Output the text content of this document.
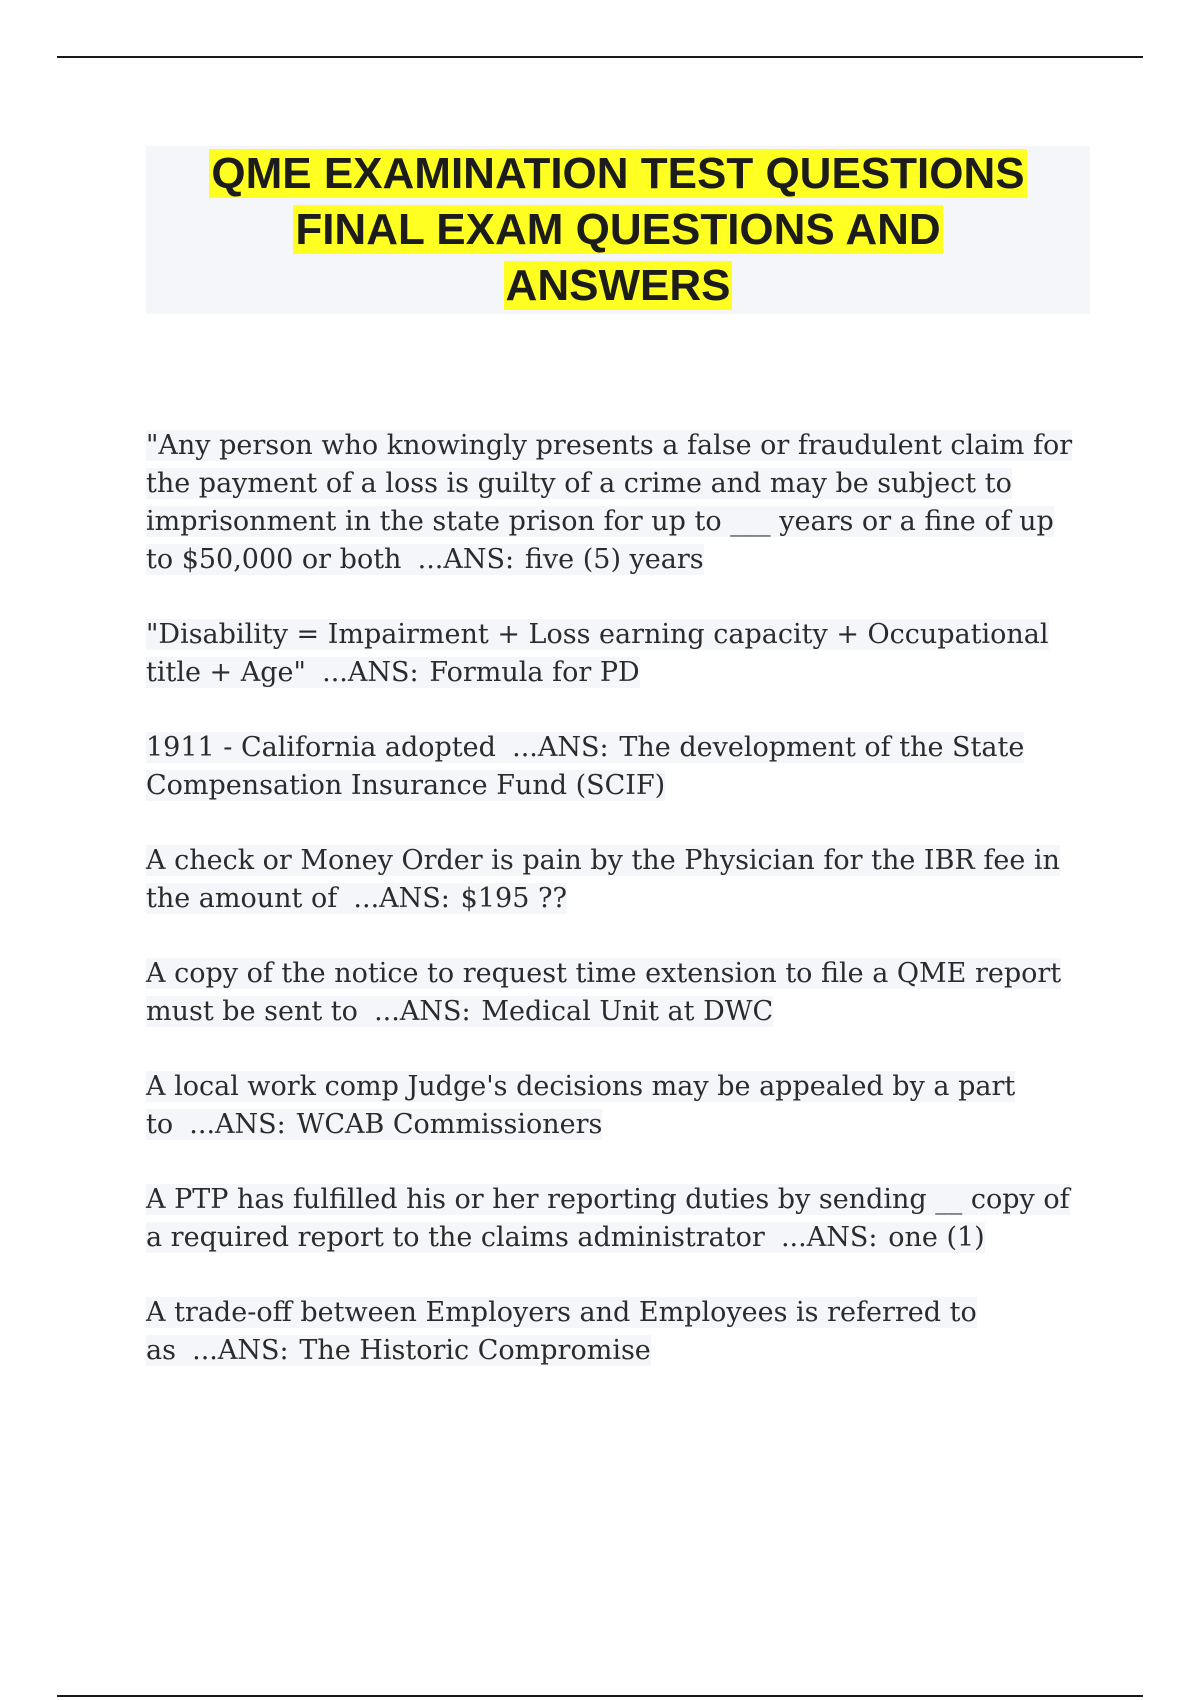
QME EXAMINATION TEST QUESTIONS
FINAL EXAM QUESTIONS AND
ANSWERS

"Any person who knowingly presents a false or fraudulent claim for the payment of a loss is guilty of a crime and may be subject to imprisonment in the state prison for up to ___ years or a fine of up to $50,000 or both ...ANS: five (5) years

"Disability = Impairment + Loss earning capacity + Occupational title + Age" ...ANS: Formula for PD

1911 - California adopted ...ANS: The development of the State Compensation Insurance Fund (SCIF)

A check or Money Order is pain by the Physician for the IBR fee in the amount of ...ANS: $195 ??

A copy of the notice to request time extension to file a QME report must be sent to ...ANS: Medical Unit at DWC

A local work comp Judge's decisions may be appealed by a part to ...ANS: WCAB Commissioners

A PTP has fulfilled his or her reporting duties by sending __ copy of a required report to the claims administrator ...ANS: one (1)

A trade-off between Employers and Employees is referred to as ...ANS: The Historic Compromise
